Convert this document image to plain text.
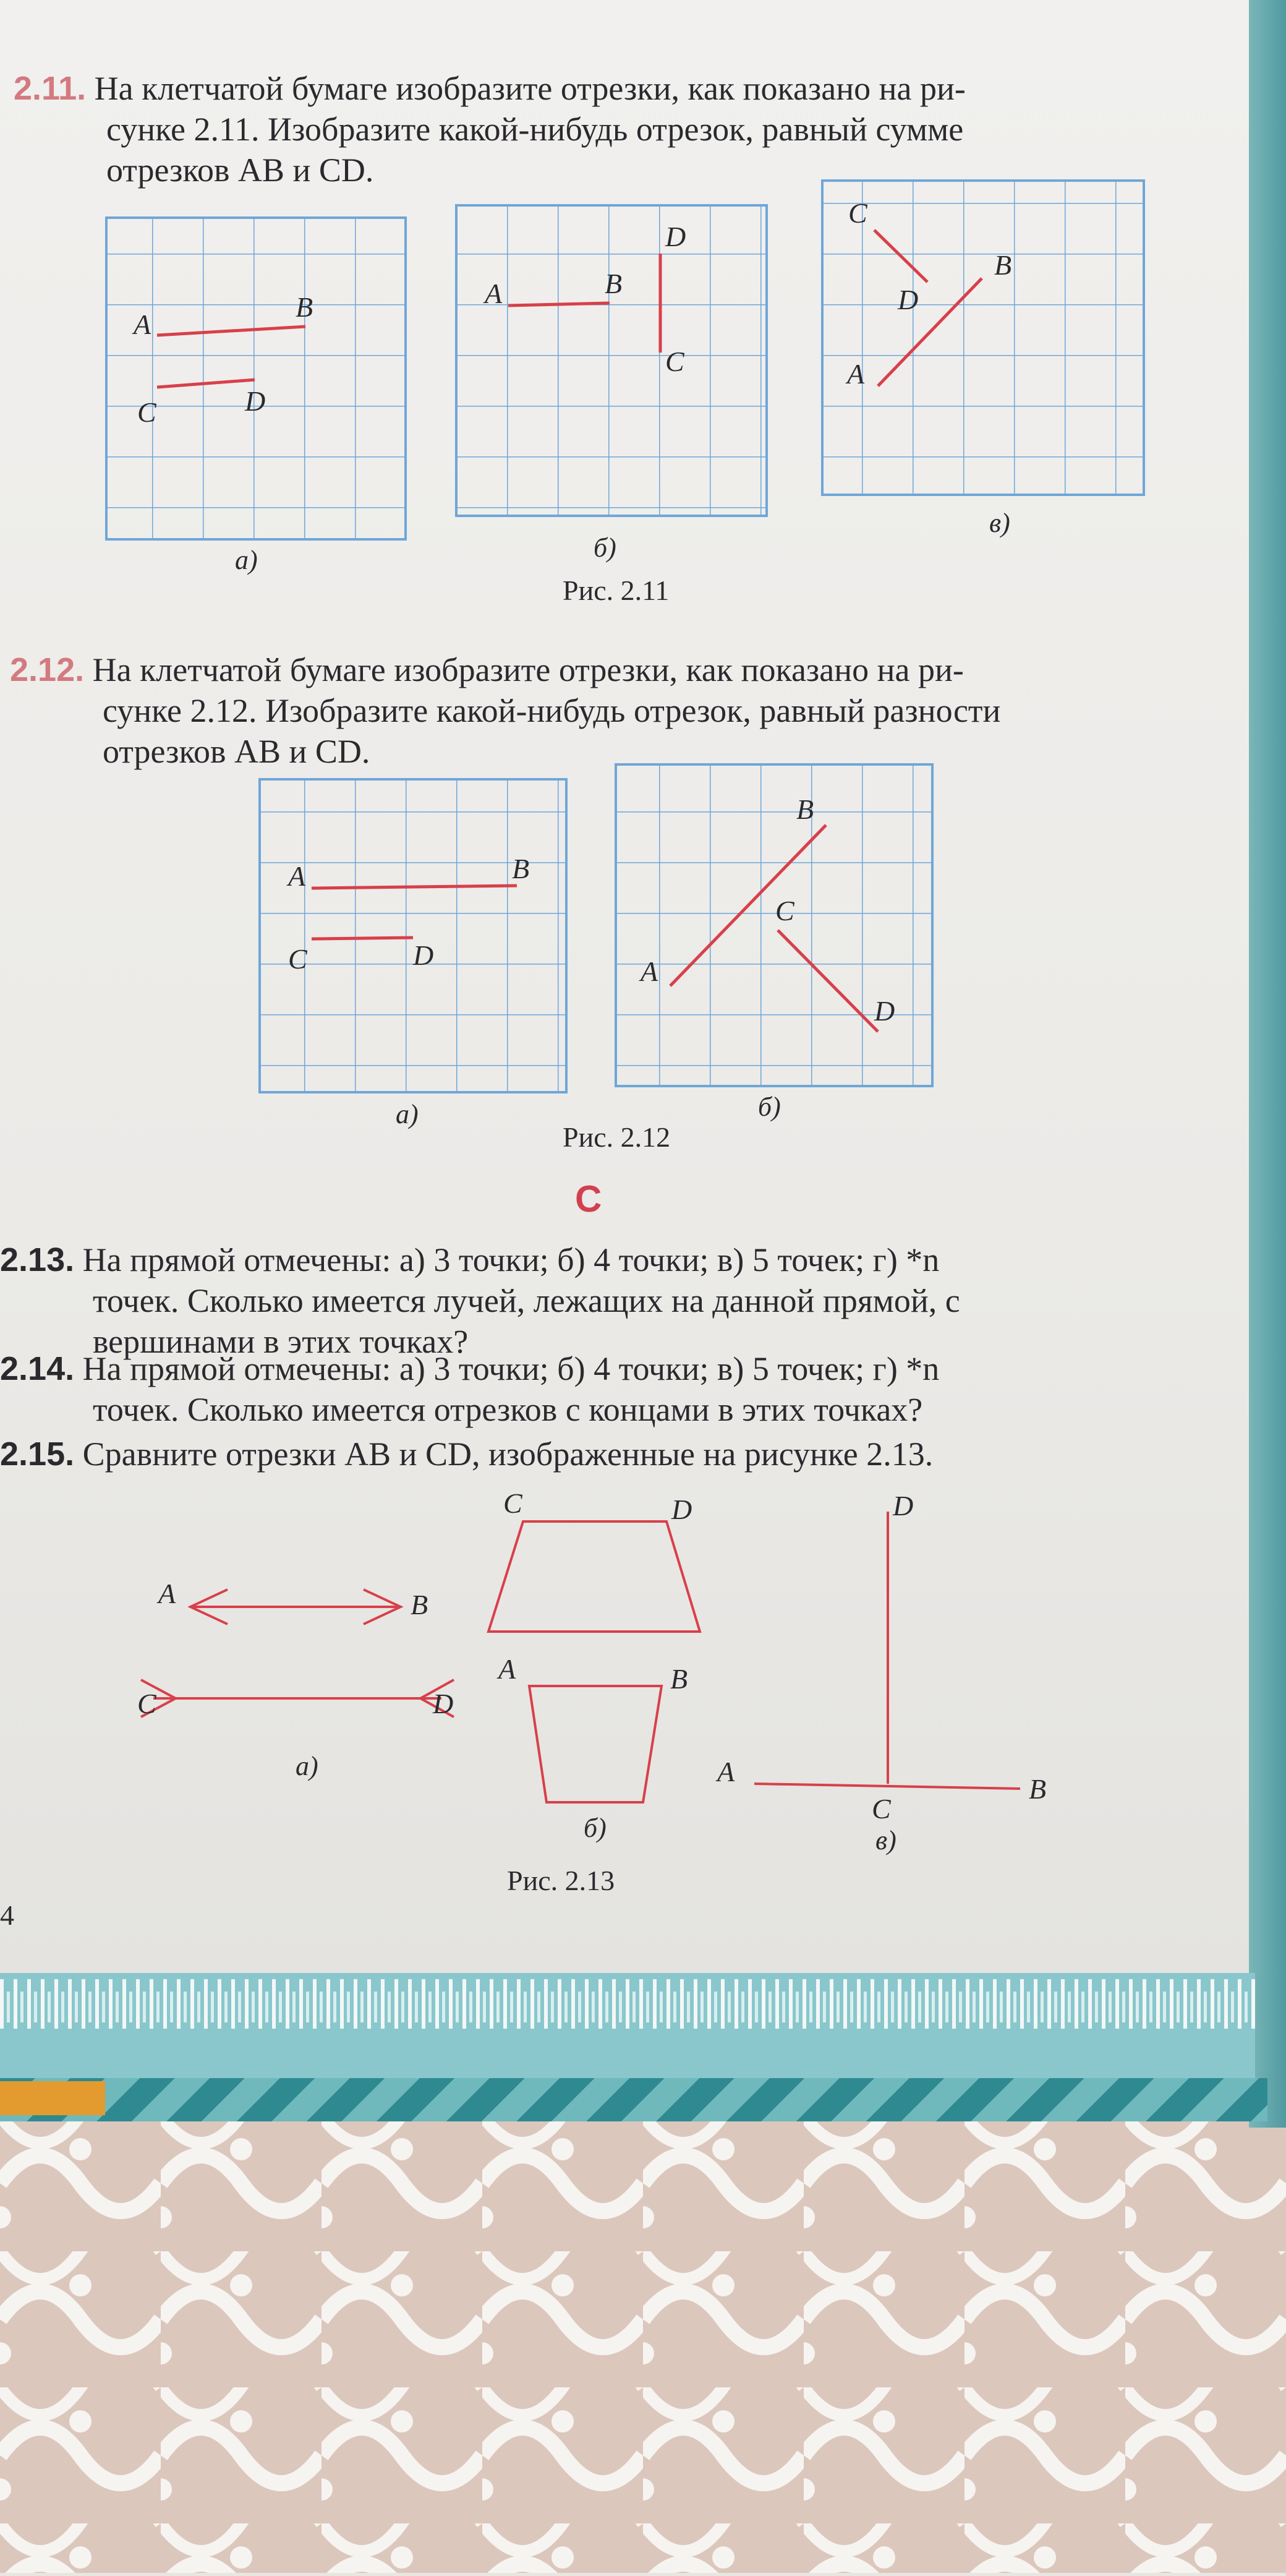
2.11. На клетчатой бумаге изобразите отрезки, как показано на ри-
сунке 2.11. Изобразите какой-нибудь отрезок, равный сумме
отрезков AB и CD.
A
B
C	D
A	B
C
D
C
B
D
A
A	B
C	D
A
B
C
D
A	B
C	D
C	D
A	B
D
A
B
C
а)	б)
в)
Рис. 2.11
2.12. На клетчатой бумаге изобразите отрезки, как показано на ри-
сунке 2.12. Изобразите какой-нибудь отрезок, равный разности
отрезков AB и CD.
а)	б)
Рис. 2.12
C
2.13. На прямой отмечены: а) 3 точки; б) 4 точки; в) 5 точек; г) *n
точек. Сколько имеется лучей, лежащих на данной прямой, с
вершинами в этих точках?
2.14. На прямой отмечены: а) 3 точки; б) 4 точки; в) 5 точек; г) *n
точек. Сколько имеется отрезков с концами в этих точках?
2.15. Сравните отрезки AB и CD, изображенные на рисунке 2.13.
а)
б)	в)
Рис. 2.13
4
